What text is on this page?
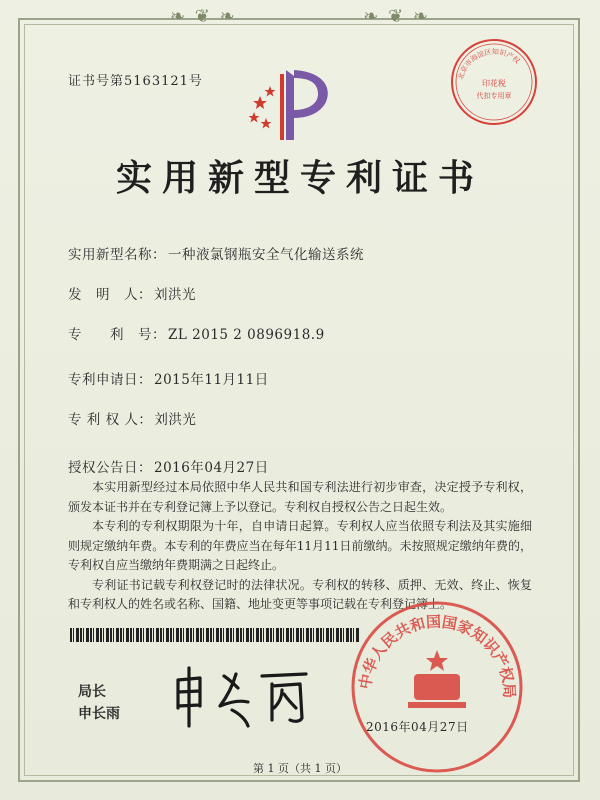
❧ ❦ ❧	❧ ❦ ❧
证书号第5163121号	北京市海淀区知识产权
印花税
代扣专用章
实用新型专利证书
实用新型名称： 一种液氯钢瓶安全气化输送系统
发　明　人： 刘洪光
专　　利　号： ZL 2015 2 0896918.9
专利申请日： 2015年11月11日
专 利 权 人： 刘洪光
授权公告日： 2016年04月27日

本实用新型经过本局依照中华人民共和国专利法进行初步审查，决定授予专利权，颁发本证书并在专利登记簿上予以登记。专利权自授权公告之日起生效。

本专利的专利权期限为十年，自申请日起算。专利权人应当依照专利法及其实施细则规定缴纳年费。本专利的年费应当在每年11月11日前缴纳。未按照规定缴纳年费的，专利权自应当缴纳年费期满之日起终止。

专利证书记载专利权登记时的法律状况。专利权的转移、质押、无效、终止、恢复和专利权人的姓名或名称、国籍、地址变更等事项记载在专利登记簿上。

局长
申长雨
中华人民共和国国家知识产权局
2016年04月27日
第 1 页（共 1 页）
